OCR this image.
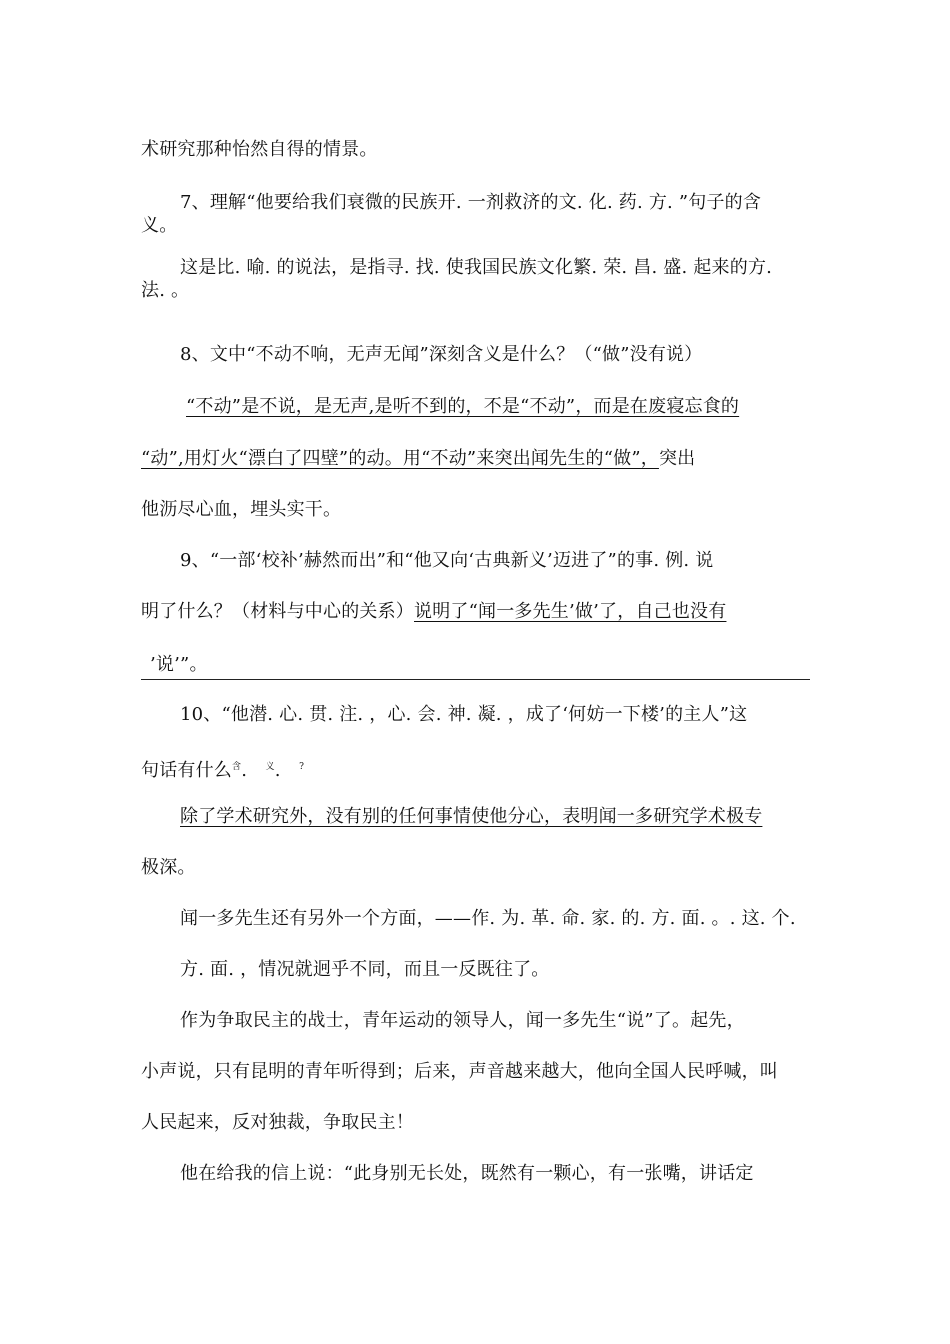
术研究那种怡然自得的情景。
7、理解“他要给我们衰微的民族开. 一剂救济的文. 化. 药. 方. ”句子的含
义。
这是比. 喻. 的说法，是指寻. 找. 使我国民族文化繁. 荣. 昌. 盛. 起来的方.
法. 。
8、文中“不动不响，无声无闻”深刻含义是什么？（“做”没有说）
“不动”是不说，是无声,是听不到的，不是“不动”，而是在废寝忘食的
“动”,用灯火“漂白了四壁”的动。用“不动”来突出闻先生的“做”，突出
他沥尽心血，埋头实干。
9、“一部‘校补’赫然而出”和“他又向‘古典新义’迈进了”的事. 例. 说
明了什么？（材料与中心的关系）说明了“闻一多先生’做’了，自己也没有
’说’”。
10、“他潜. 心. 贯. 注. ，心. 会. 神. 凝. ，成了‘何妨一下楼’的主人”这
句话有什么$^含$.   $^义$.   ?
除了学术研究外，没有别的任何事情使他分心，表明闻一多研究学术极专
极深。
闻一多先生还有另外一个方面，——作. 为. 革. 命. 家. 的. 方. 面. 。. 这. 个.
方. 面. ，情况就迥乎不同，而且一反既往了。
作为争取民主的战士，青年运动的领导人，闻一多先生“说”了。起先，
小声说，只有昆明的青年听得到；后来，声音越来越大，他向全国人民呼喊，叫
人民起来，反对独裁，争取民主！
他在给我的信上说：“此身别无长处，既然有一颗心，有一张嘴，讲话定
